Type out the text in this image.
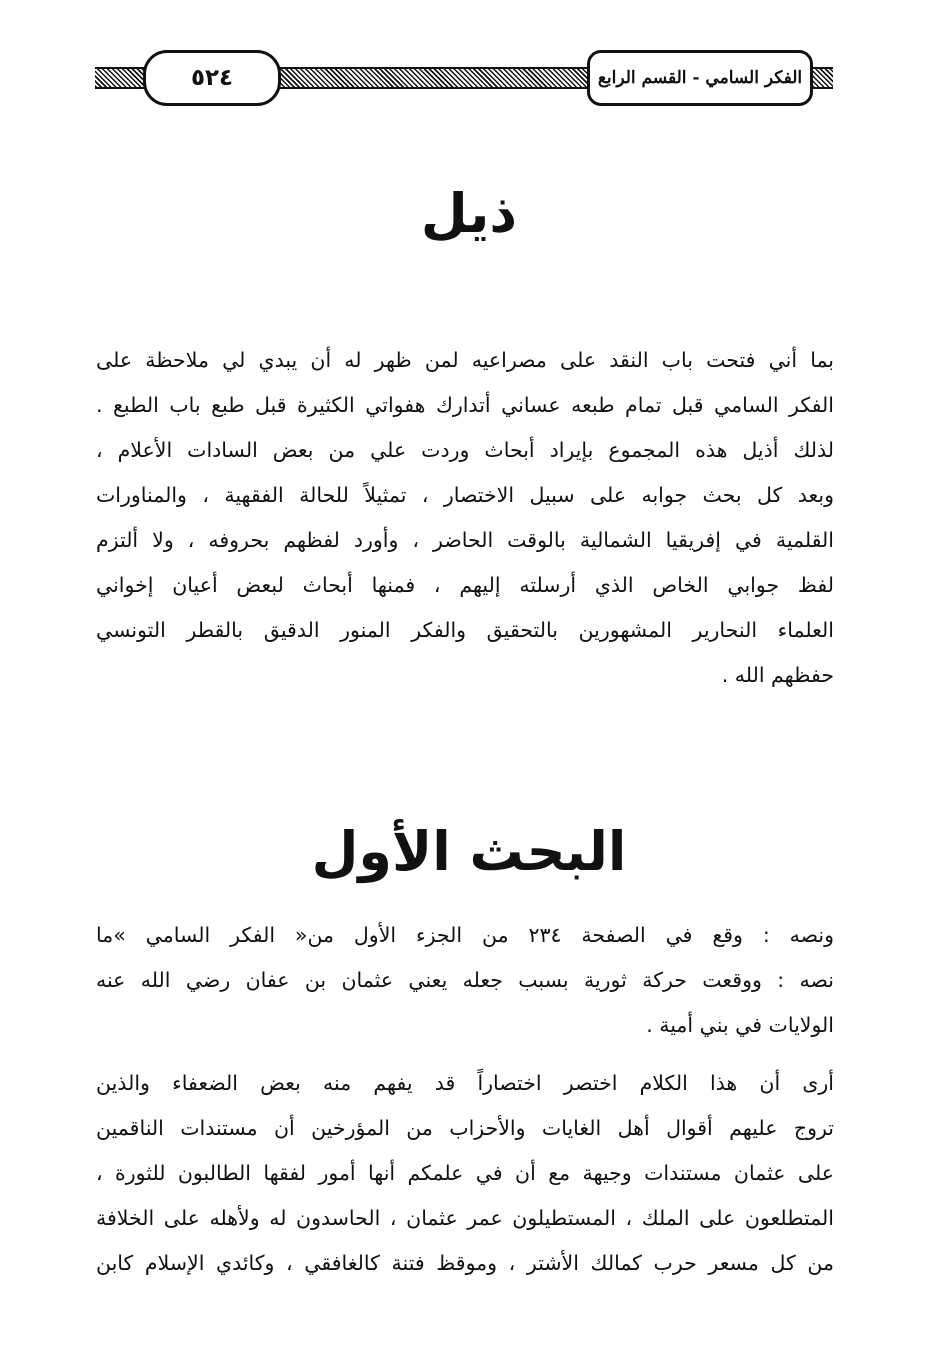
٥٢٤	الفكر السامي - القسم الرابع
ذيل
بما أني فتحت باب النقد على مصراعيه لمن ظهر له أن يبدي لي ملاحظة على
الفكر السامي قبل تمام طبعه عساني أتدارك هفواتي الكثيرة قبل طبع باب الطبع .
لذلك أذيل هذه المجموع بإيراد أبحاث وردت علي من بعض السادات الأعلام ،
وبعد كل بحث جوابه على سبيل الاختصار ، تمثيلاً للحالة الفقهية ، والمناورات
القلمية في إفريقيا الشمالية بالوقت الحاضر ، وأورد لفظهم بحروفه ، ولا ألتزم
لفظ جوابي الخاص الذي أرسلته إليهم ، فمنها أبحاث لبعض أعيان إخواني
العلماء النحارير المشهورين بالتحقيق والفكر المنور الدقيق بالقطر التونسي
حفظهم الله .
البحث الأول
ونصه : وقع في الصفحة ٢٣٤ من الجزء الأول من« الفكر السامي »ما
نصه : ووقعت حركة ثورية بسبب جعله يعني عثمان بن عفان رضي الله عنه
الولايات في بني أمية .
أرى أن هذا الكلام اختصر اختصاراً قد يفهم منه بعض الضعفاء والذين
تروج عليهم أقوال أهل الغايات والأحزاب من المؤرخين أن مستندات الناقمين
على عثمان مستندات وجيهة مع أن في علمكم أنها أمور لفقها الطالبون للثورة ،
المتطلعون على الملك ، المستطيلون عمر عثمان ، الحاسدون له ولأهله على الخلافة
من كل مسعر حرب كمالك الأشتر ، وموقظ فتنة كالغافقي ، وكائدي الإسلام كابن
